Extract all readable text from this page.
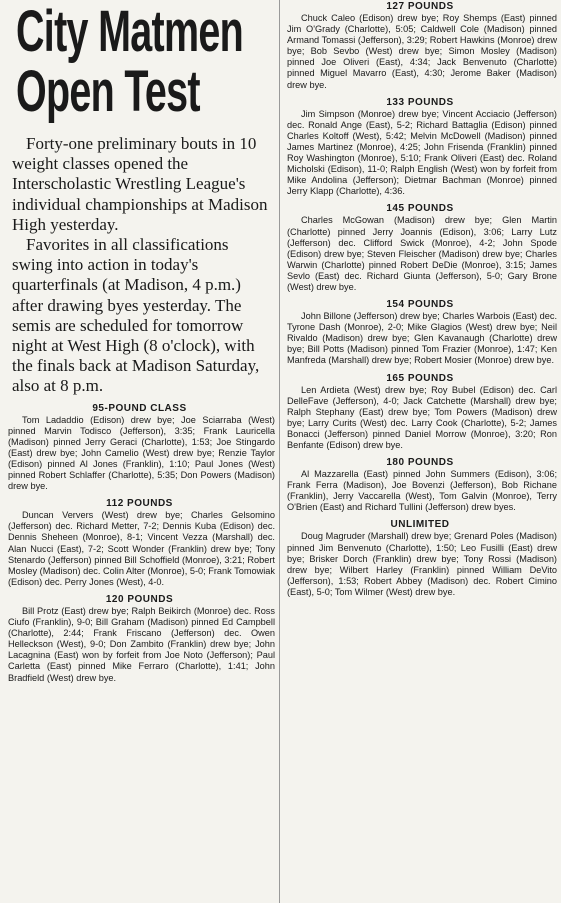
City Matmen
Open Test

Forty-one preliminary bouts in 10 weight classes opened the Interscholastic Wrestling League's individual championships at Madison High yesterday.

Favorites in all classifications swing into action in today's quarterfinals (at Madison, 4 p.m.) after drawing byes yesterday. The semis are scheduled for tomorrow night at West High (8 o'clock), with the finals back at Madison Saturday, also at 8 p.m.

95-POUND CLASS

Tom Ladaddio (Edison) drew bye; Joe Sciarraba (West) pinned Marvin Todisco (Jefferson), 3:35; Frank Lauricella (Madison) pinned Jerry Geraci (Charlotte), 1:53; Joe Stingardo (East) drew bye; John Camelio (West) drew bye; Renzie Taylor (Edison) pinned Al Jones (Franklin), 1:10; Paul Jones (West) pinned Robert Schlaffer (Charlotte), 5:35; Don Powers (Madison) drew bye.

112 POUNDS

Duncan Ververs (West) drew bye; Charles Gelsomino (Jefferson) dec. Richard Metter, 7-2; Dennis Kuba (Edison) dec. Dennis Sheheen (Monroe), 8-1; Vincent Vezza (Marshall) dec. Alan Nucci (East), 7-2; Scott Wonder (Franklin) drew bye; Tony Stenardo (Jefferson) pinned Bill Schoffield (Monroe), 3:21; Robert Mosley (Madison) dec. Colin Alter (Monroe), 5-0; Frank Tomowiak (Edison) dec. Perry Jones (West), 4-0.

120 POUNDS

Bill Protz (East) drew bye; Ralph Beikirch (Monroe) dec. Ross Ciufo (Franklin), 9-0; Bill Graham (Madison) pinned Ed Campbell (Charlotte), 2:44; Frank Friscano (Jefferson) dec. Owen Helleckson (West), 9-0; Don Zambito (Franklin) drew bye; John Lacagnina (East) won by forfeit from Joe Noto (Jefferson); Paul Carletta (East) pinned Mike Ferraro (Charlotte), 1:41; John Bradfield (West) drew bye.

127 POUNDS

Chuck Caleo (Edison) drew bye; Roy Shemps (East) pinned Jim O'Grady (Charlotte), 5:05; Caldwell Cole (Madison) pinned Armand Tomassi (Jefferson), 3:29; Robert Hawkins (Monroe) drew bye; Bob Sevbo (West) drew bye; Simon Mosley (Madison) pinned Joe Oliveri (East), 4:34; Jack Benvenuto (Charlotte) pinned Miguel Mavarro (East), 4:30; Jerome Baker (Madison) drew bye.

133 POUNDS

Jim Simpson (Monroe) drew bye; Vincent Acciacio (Jefferson) dec. Ronald Ange (East), 5-2; Richard Battaglia (Edison) pinned Charles Koltoff (West), 5:42; Melvin McDowell (Madison) pinned James Martinez (Monroe), 4:25; John Frisenda (Franklin) pinned Roy Washington (Monroe), 5:10; Frank Oliveri (East) dec. Roland Micholski (Edison), 11-0; Ralph English (West) won by forfeit from Mike Andolina (Jefferson); Dietmar Bachman (Monroe) pinned Jerry Klapp (Charlotte), 4:36.

145 POUNDS

Charles McGowan (Madison) drew bye; Glen Martin (Charlotte) pinned Jerry Joannis (Edison), 3:06; Larry Lutz (Jefferson) dec. Clifford Swick (Monroe), 4-2; John Spode (Edison) drew bye; Steven Fleischer (Madison) drew bye; Charles Warwin (Charlotte) pinned Robert DeDie (Monroe), 3:15; James Sevlo (East) dec. Richard Giunta (Jefferson), 5-0; Gary Brone (West) drew bye.

154 POUNDS

John Billone (Jefferson) drew bye; Charles Warbois (East) dec. Tyrone Dash (Monroe), 2-0; Mike Glagios (West) drew bye; Neil Rivaldo (Madison) drew bye; Glen Kavanaugh (Charlotte) drew bye; Bill Potts (Madison) pinned Tom Frazier (Monroe), 1:47; Ken Manfreda (Marshall) drew bye; Robert Mosier (Monroe) drew bye.

165 POUNDS

Len Ardieta (West) drew bye; Roy Bubel (Edison) dec. Carl DelleFave (Jefferson), 4-0; Jack Catchette (Marshall) drew bye; Ralph Stephany (East) drew bye; Tom Powers (Madison) drew bye; Larry Curits (West) dec. Larry Cook (Charlotte), 5-2; James Bonacci (Jefferson) pinned Daniel Morrow (Monroe), 3:20; Ron Benfante (Edison) drew bye.

180 POUNDS

Al Mazzarella (East) pinned John Summers (Edison), 3:06; Frank Ferra (Madison), Joe Bovenzi (Jefferson), Bob Richane (Franklin), Jerry Vaccarella (West), Tom Galvin (Monroe), Terry O'Brien (East) and Richard Tullini (Jefferson) drew byes.

UNLIMITED

Doug Magruder (Marshall) drew bye; Grenard Poles (Madison) pinned Jim Benvenuto (Charlotte), 1:50; Leo Fusilli (East) drew bye; Brisker Dorch (Franklin) drew bye; Tony Rossi (Madison) drew bye; Wilbert Harley (Franklin) pinned William DeVito (Jefferson), 1:53; Robert Abbey (Madison) dec. Robert Cimino (East), 5-0; Tom Wilmer (West) drew bye.
